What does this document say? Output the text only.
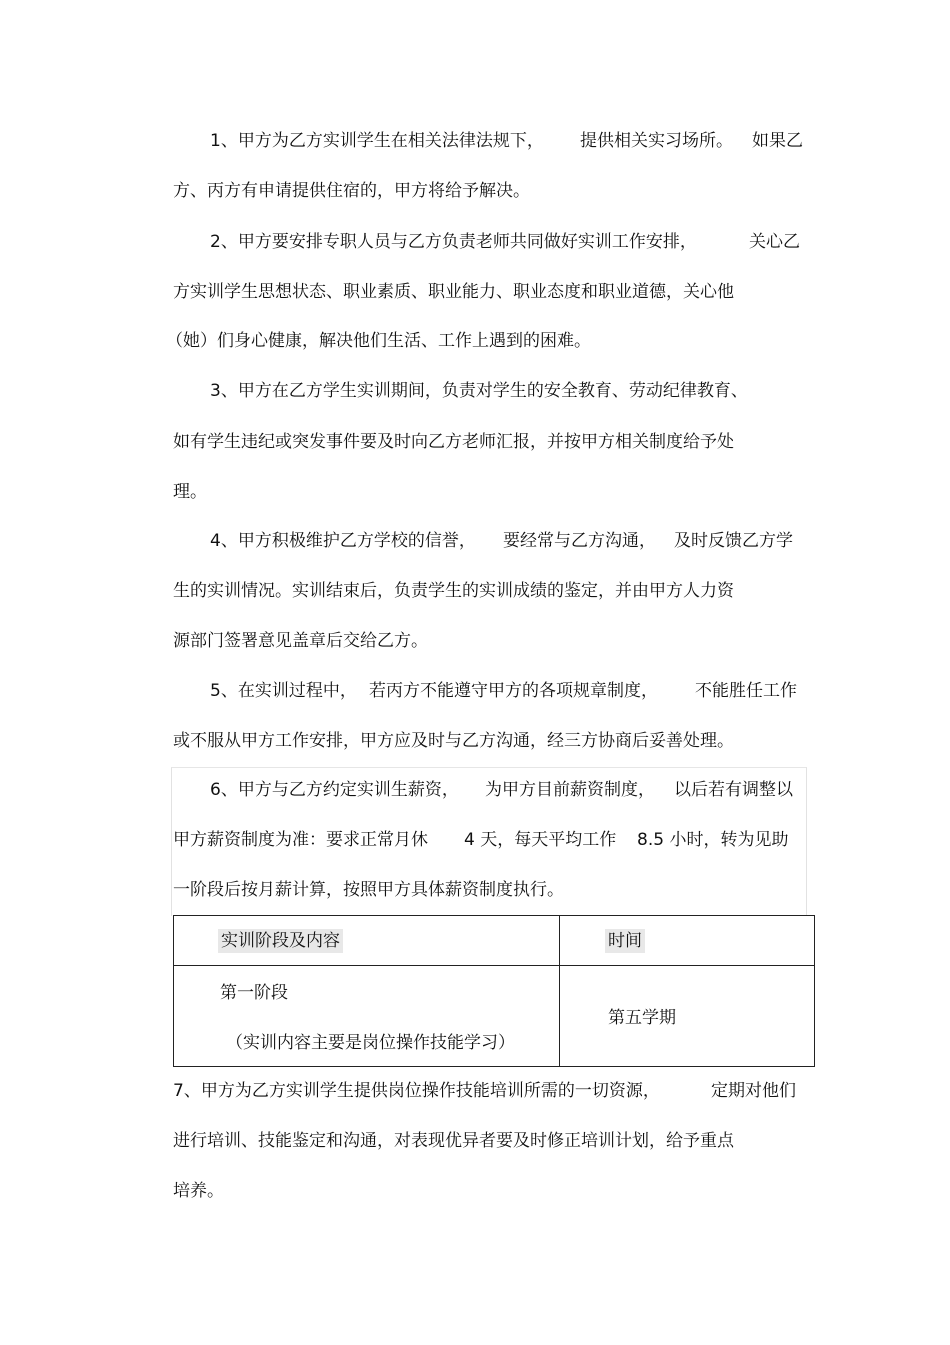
1、甲方为乙方实训学生在相关法律法规下， 提供相关实习场所。 如果乙
方、丙方有申请提供住宿的，甲方将给予解决。
2、甲方要安排专职人员与乙方负责老师共同做好实训工作安排，	关心乙
方实训学生思想状态、职业素质、职业能力、职业态度和职业道德，关心他
（她）们身心健康，解决他们生活、工作上遇到的困难。
3、甲方在乙方学生实训期间，负责对学生的安全教育、劳动纪律教育、
如有学生违纪或突发事件要及时向乙方老师汇报，并按甲方相关制度给予处
理。
4、甲方积极维护乙方学校的信誉， 要经常与乙方沟通， 及时反馈乙方学
生的实训情况。实训结束后，负责学生的实训成绩的鉴定，并由甲方人力资
源部门签署意见盖章后交给乙方。
5、在实训过程中， 若丙方不能遵守甲方的各项规章制度， 不能胜任工作
或不服从甲方工作安排，甲方应及时与乙方沟通，经三方协商后妥善处理。
6、甲方与乙方约定实训生薪资， 为甲方目前薪资制度， 以后若有调整以
甲方薪资制度为准：要求正常月休 4 天，每天平均工作 8.5 小时，转为见助
一阶段后按月薪计算，按照甲方具体薪资制度执行。
实训阶段及内容	时间

第一阶段
（实训内容主要是岗位操作技能学习）	第五学期
7、甲方为乙方实训学生提供岗位操作技能培训所需的一切资源，	定期对他们
进行培训、技能鉴定和沟通，对表现优异者要及时修正培训计划，给予重点
培养。
